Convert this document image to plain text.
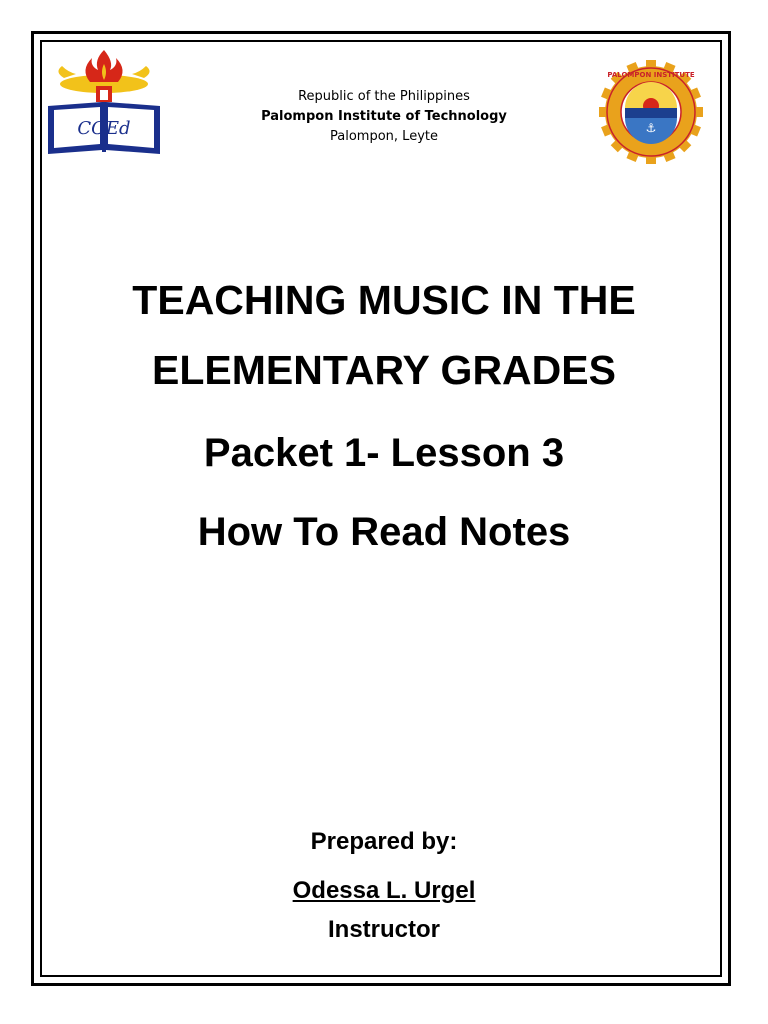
COEd
Republic of the Philippines
Palompon Institute of Technology
Palompon, Leyte
⚓
PALOMPON INSTITUTE
TEACHING MUSIC IN THE
ELEMENTARY GRADES
Packet 1- Lesson 3
How To Read Notes
Prepared by:
Odessa L. Urgel
Instructor
